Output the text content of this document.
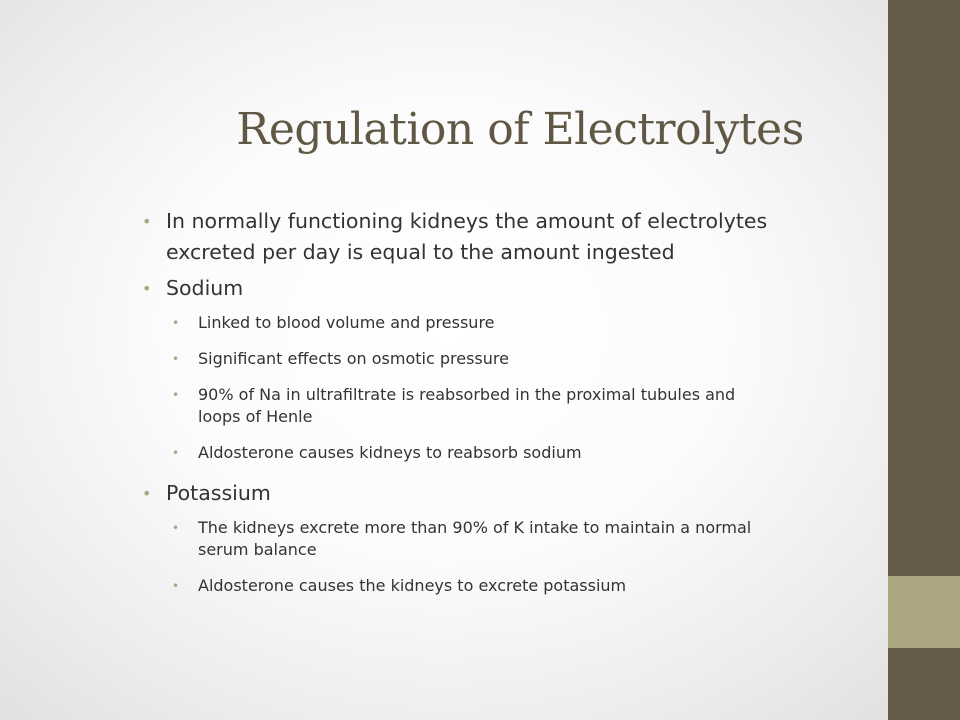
Regulation of Electrolytes
• In normally functioning kidneys the amount of electrolytes
excreted per day is equal to the amount ingested
• Sodium
• Linked to blood volume and pressure
• Significant effects on osmotic pressure
• 90% of Na in ultrafiltrate is reabsorbed in the proximal tubules and
loops of Henle
• Aldosterone causes kidneys to reabsorb sodium
• Potassium
• The kidneys excrete more than 90% of K intake to maintain a normal
serum balance
• Aldosterone causes the kidneys to excrete potassium
